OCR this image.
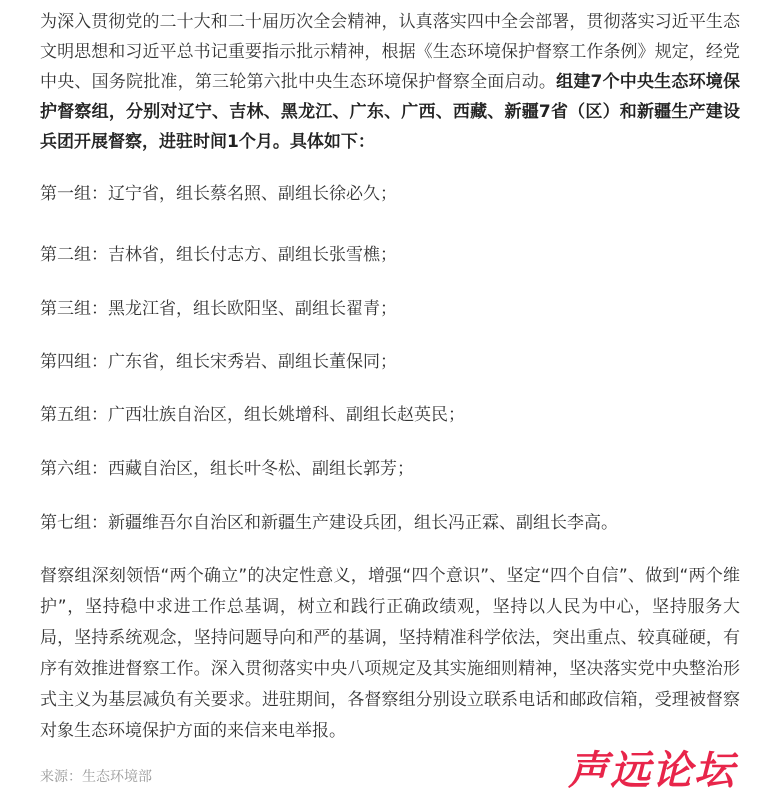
为深入贯彻党的二十大和二十届历次全会精神，认真落实四中全会部署，贯彻落实习近平生态文明思想和习近平总书记重要指示批示精神，根据《生态环境保护督察工作条例》规定，经党中央、国务院批准，第三轮第六批中央生态环境保护督察全面启动。组建7个中央生态环境保护督察组，分别对辽宁、吉林、黑龙江、广东、广西、西藏、新疆7省（区）和新疆生产建设兵团开展督察，进驻时间1个月。具体如下：

第一组：辽宁省，组长蔡名照、副组长徐必久；

第二组：吉林省，组长付志方、副组长张雪樵；

第三组：黑龙江省，组长欧阳坚、副组长翟青；

第四组：广东省，组长宋秀岩、副组长董保同；

第五组：广西壮族自治区，组长姚增科、副组长赵英民；

第六组：西藏自治区，组长叶冬松、副组长郭芳；

第七组：新疆维吾尔自治区和新疆生产建设兵团，组长冯正霖、副组长李高。

督察组深刻领悟“两个确立”的决定性意义，增强“四个意识”、坚定“四个自信”、做到“两个维护”，坚持稳中求进工作总基调，树立和践行正确政绩观，坚持以人民为中心，坚持服务大局，坚持系统观念，坚持问题导向和严的基调，坚持精准科学依法，突出重点、较真碰硬，有序有效推进督察工作。深入贯彻落实中央八项规定及其实施细则精神，坚决落实党中央整治形式主义为基层减负有关要求。进驻期间，各督察组分别设立联系电话和邮政信箱，受理被督察对象生态环境保护方面的来信来电举报。

来源：生态环境部	声远论坛
